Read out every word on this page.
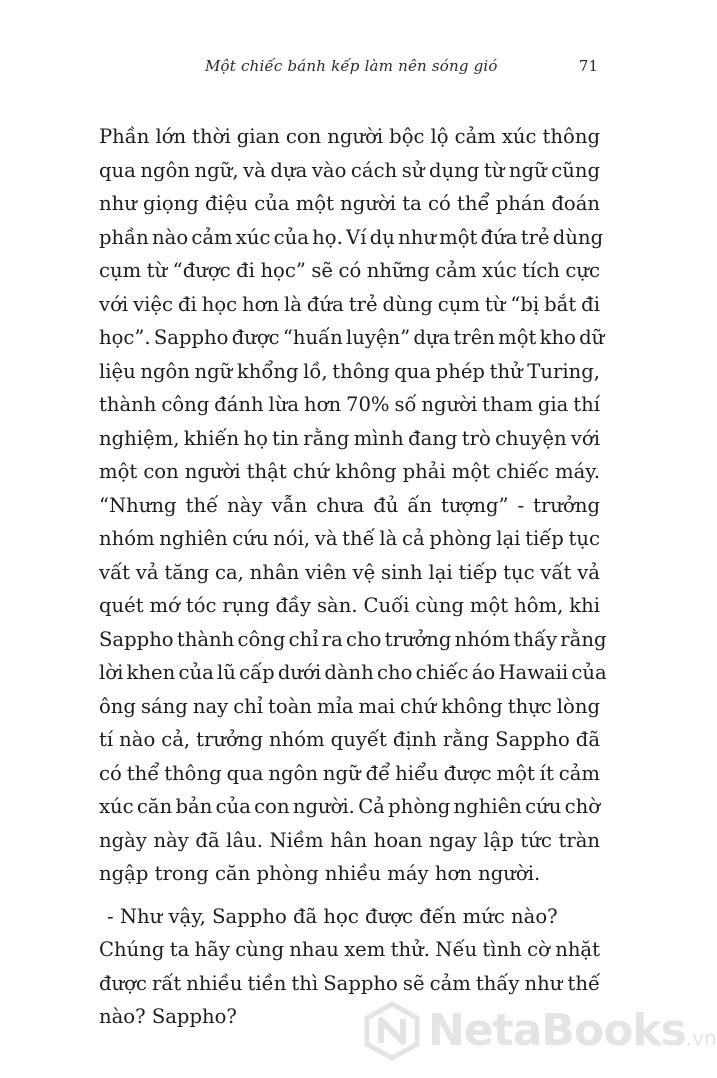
Một chiếc bánh kếp làm nên sóng gió	71
Phần lớn thời gian con người bộc lộ cảm xúc thông
qua ngôn ngữ, và dựa vào cách sử dụng từ ngữ cũng
như giọng điệu của một người ta có thể phán đoán
phần nào cảm xúc của họ. Ví dụ như một đứa trẻ dùng
cụm từ “được đi học” sẽ có những cảm xúc tích cực
với việc đi học hơn là đứa trẻ dùng cụm từ “bị bắt đi
học”. Sappho được “huấn luyện” dựa trên một kho dữ
liệu ngôn ngữ khổng lồ, thông qua phép thử Turing,
thành công đánh lừa hơn 70% số người tham gia thí
nghiệm, khiến họ tin rằng mình đang trò chuyện với
một con người thật chứ không phải một chiếc máy.
“Nhưng thế này vẫn chưa đủ ấn tượng” - trưởng
nhóm nghiên cứu nói, và thế là cả phòng lại tiếp tục
vất vả tăng ca, nhân viên vệ sinh lại tiếp tục vất vả
quét mớ tóc rụng đầy sàn. Cuối cùng một hôm, khi
Sappho thành công chỉ ra cho trưởng nhóm thấy rằng
lời khen của lũ cấp dưới dành cho chiếc áo Hawaii của
ông sáng nay chỉ toàn mỉa mai chứ không thực lòng
tí nào cả, trưởng nhóm quyết định rằng Sappho đã
có thể thông qua ngôn ngữ để hiểu được một ít cảm
xúc căn bản của con người. Cả phòng nghiên cứu chờ
ngày này đã lâu. Niềm hân hoan ngay lập tức tràn
ngập trong căn phòng nhiều máy hơn người.
- Như vậy, Sappho đã học được đến mức nào?
Chúng ta hãy cùng nhau xem thử. Nếu tình cờ nhặt
được rất nhiều tiền thì Sappho sẽ cảm thấy như thế
nào? Sappho?	NetaBooks.vn
